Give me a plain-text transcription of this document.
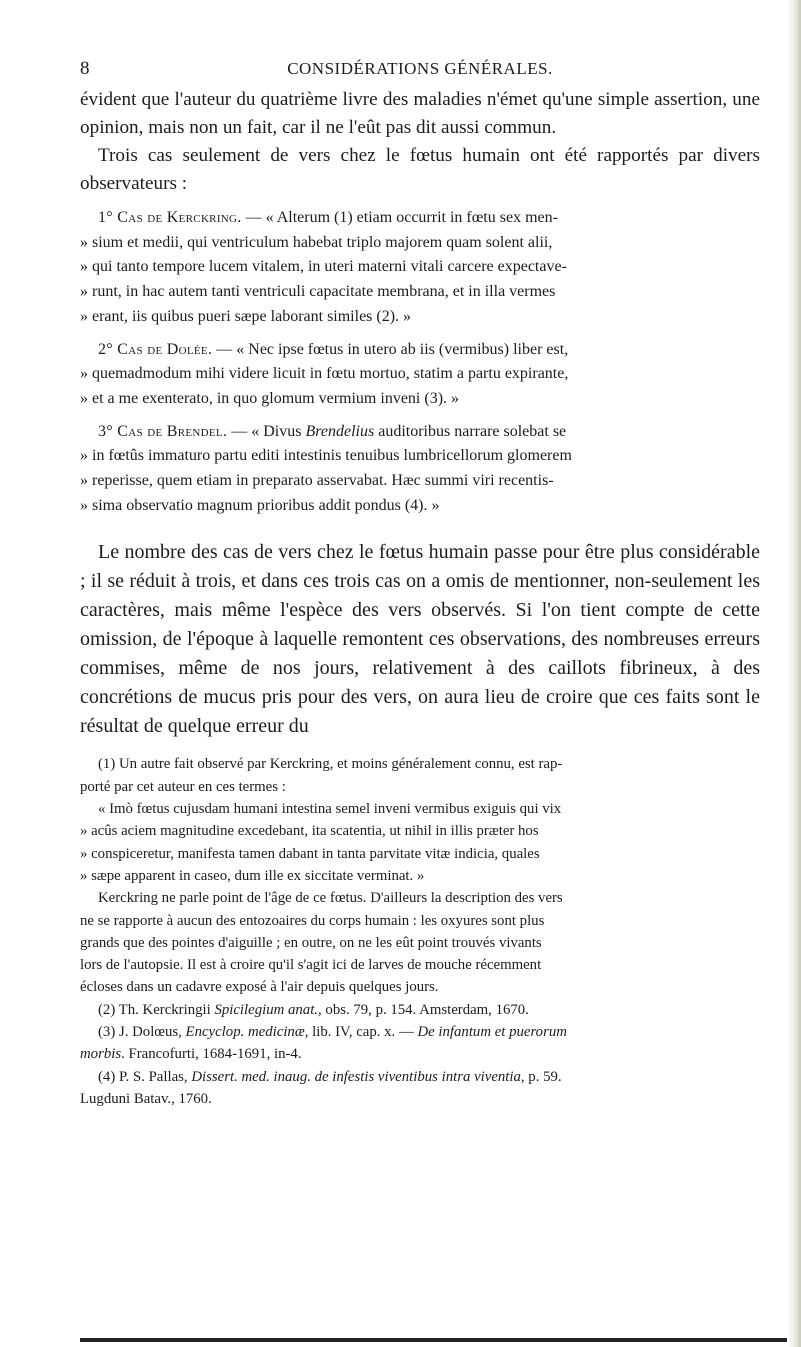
8	CONSIDÉRATIONS GÉNÉRALES.

évident que l'auteur du quatrième livre des maladies n'émet qu'une simple assertion, une opinion, mais non un fait, car il ne l'eût pas dit aussi commun.

Trois cas seulement de vers chez le fœtus humain ont été rapportés par divers observateurs :

1° Cas de Kerckring. — « Alterum (1) etiam occurrit in fœtu sex men-
» sium et medii, qui ventriculum habebat triplo majorem quam solent alii,
» qui tanto tempore lucem vitalem, in uteri materni vitali carcere expectave-
» runt, in hac autem tanti ventriculi capacitate membrana, et in illa vermes
» erant, iis quibus pueri sæpe laborant similes (2). »
2° Cas de Dolée. — « Nec ipse fœtus in utero ab iis (vermibus) liber est,
» quemadmodum mihi videre licuit in fœtu mortuo, statim a partu expirante,
» et a me exenterato, in quo glomum vermium inveni (3). »
3° Cas de Brendel. — « Divus Brendelius auditoribus narrare solebat se
» in fœtûs immaturo partu editi intestinis tenuibus lumbricellorum glomerem
» reperisse, quem etiam in preparato asservabat. Hæc summi viri recentis-
» sima observatio magnum prioribus addit pondus (4). »

Le nombre des cas de vers chez le fœtus humain passe pour être plus considérable ; il se réduit à trois, et dans ces trois cas on a omis de mentionner, non-seulement les caractères, mais même l'espèce des vers observés. Si l'on tient compte de cette omission, de l'époque à laquelle remontent ces observations, des nombreuses erreurs commises, même de nos jours, relativement à des caillots fibrineux, à des concrétions de mucus pris pour des vers, on aura lieu de croire que ces faits sont le résultat de quelque erreur du

(1) Un autre fait observé par Kerckring, et moins généralement connu, est rap-
porté par cet auteur en ces termes :
« Imò fœtus cujusdam humani intestina semel inveni vermibus exiguis qui vix
» acûs aciem magnitudine excedebant, ita scatentia, ut nihil in illis præter hos
» conspiceretur, manifesta tamen dabant in tanta parvitate vitæ indicia, quales
» sæpe apparent in caseo, dum ille ex siccitate verminat. »
Kerckring ne parle point de l'âge de ce fœtus. D'ailleurs la description des vers
ne se rapporte à aucun des entozoaires du corps humain : les oxyures sont plus
grands que des pointes d'aiguille ; en outre, on ne les eût point trouvés vivants
lors de l'autopsie. Il est à croire qu'il s'agit ici de larves de mouche récemment
écloses dans un cadavre exposé à l'air depuis quelques jours.
(2) Th. Kerckringii Spicilegium anat., obs. 79, p. 154. Amsterdam, 1670.
(3) J. Dolœus, Encyclop. medicinæ, lib. IV, cap. x. — De infantum et puerorum
morbis. Francofurti, 1684-1691, in-4.
(4) P. S. Pallas, Dissert. med. inaug. de infestis viventibus intra viventia, p. 59.
Lugduni Batav., 1760.
